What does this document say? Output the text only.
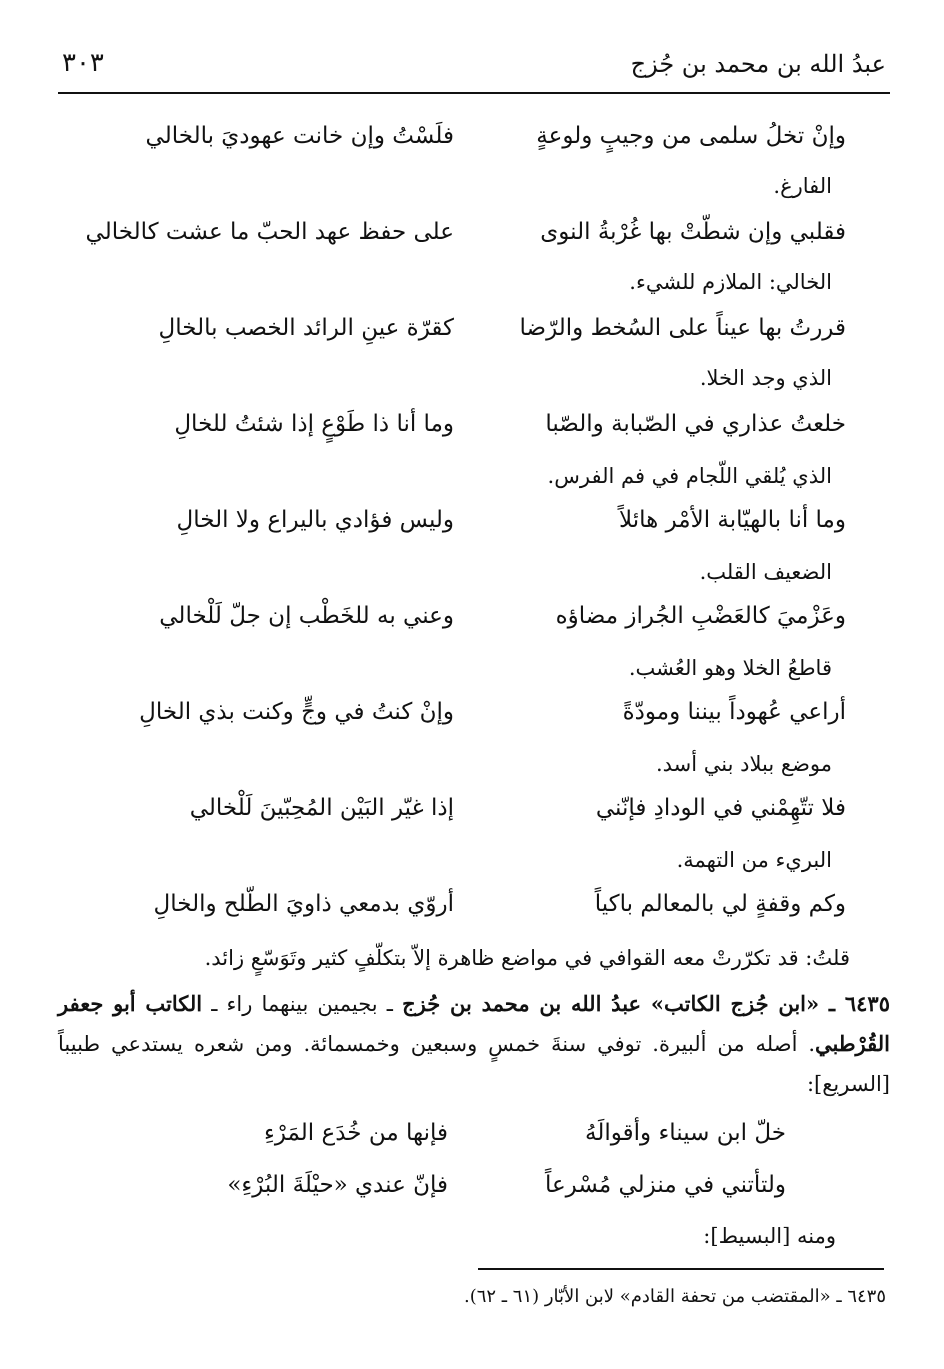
٣٠٣	عبدُ الله بن محمد بن جُزج
وإنْ تخلُ سلمى من وجيبٍ ولوعةٍ
فلَسْتُ وإن خانت عهوديَ بالخالي
الفارغ.
فقلبي وإن شطّتْ بها غُرْبةُ النوى
على حفظ عهد الحبّ ما عشت كالخالي
الخالي: الملازم للشيء.
قررتُ بها عيناً على السُخط والرّضا
كقرّة عينِ الرائد الخصب بالخالِ
الذي وجد الخلا.
خلعتُ عذاري في الصّبابة والصّبا
وما أنا ذا طَوْعٍ إذا شئتُ للخالِ
الذي يُلقي اللّجام في فم الفرس.
وما أنا بالهيّابة الأمْر هائلاً
وليس فؤادي باليراع ولا الخالِ
الضعيف القلب.
وعَزْميَ كالعَضْبِ الجُراز مضاؤه
وعني به للخَطْب إن جلّ لَلْخالي
قاطعُ الخلا وهو العُشب.
أراعي عُهوداً بيننا ومودّةً
وإنْ كنتُ في وجٍّ وكنت بذي الخالِ
موضع ببلاد بني أسد.
فلا تتّهِمْني في الودادِ فإنّني
إذا غيّر البَيْن المُحِبّينَ لَلْخالي
البريء من التهمة.
وكم وقفةٍ لي بالمعالم باكياً
أروّي بدمعي ذاويَ الطّلح والخالِ
قلتُ: قد تكرّرتْ معه القوافي في مواضع ظاهرة إلاّ بتكلّفٍ كثير وتَوَسّعٍ زائد.
٦٤٣٥ ـ «ابن جُزج الكاتب» عبدُ الله بن محمد بن جُزج ـ بجيمين بينهما راء ـ الكاتب أبو جعفر القُرْطبي. أصله من ألبيرة. توفي سنةَ خمسٍ وسبعين وخمسمائة. ومن شعره يستدعي طبيباً [السريع]:
خلّ ابن سيناء وأقوالَهُ
فإنها من خُدَع المَرْءِ
ولتأتني في منزلي مُسْرعاً
فإنّ عندي «حيْلَةَ البُرْءِ»
ومنه [البسيط]:
٦٤٣٥ ـ «المقتضب من تحفة القادم» لابن الأبّار (٦١ ـ ٦٢).
